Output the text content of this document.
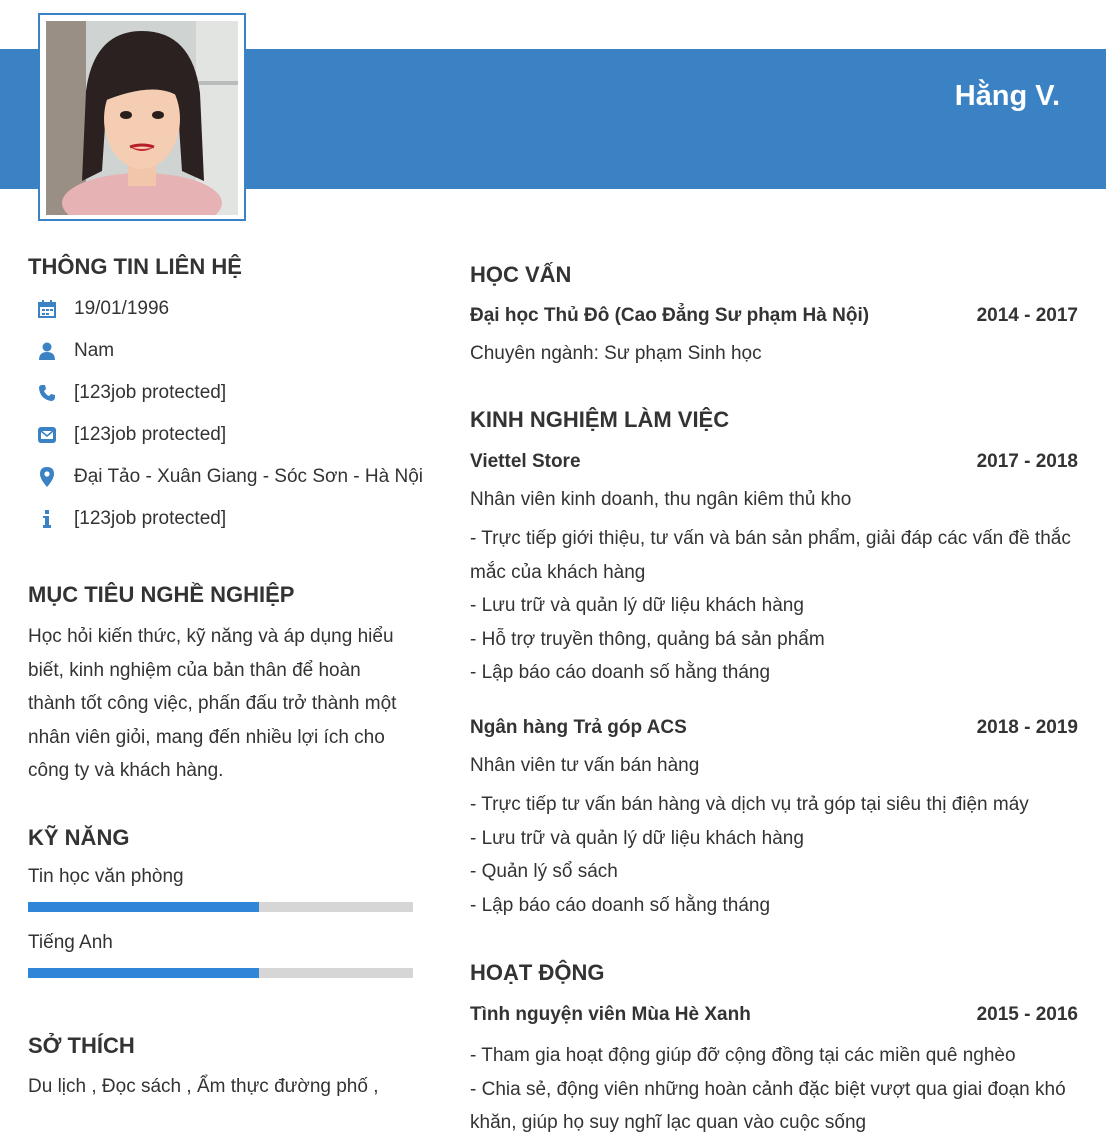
Hằng V.
THÔNG TIN LIÊN HỆ
19/01/1996
Nam
[123job protected]
[123job protected]
Đại Tảo - Xuân Giang - Sóc Sơn - Hà Nội
[123job protected]
MỤC TIÊU NGHỀ NGHIỆP
Học hỏi kiến thức, kỹ năng và áp dụng hiểu biết, kinh nghiệm của bản thân để hoàn thành tốt công việc, phấn đấu trở thành một nhân viên giỏi, mang đến nhiều lợi ích cho công ty và khách hàng.
KỸ NĂNG
Tin học văn phòng
Tiếng Anh
SỞ THÍCH
Du lịch , Đọc sách , Ẩm thực đường phố ,
HỌC VẤN
Đại học Thủ Đô (Cao Đẳng Sư phạm Hà Nội)	2014 - 2017
Chuyên ngành: Sư phạm Sinh học
KINH NGHIỆM LÀM VIỆC
Viettel Store	2017 - 2018
Nhân viên kinh doanh, thu ngân kiêm thủ kho
- Trực tiếp giới thiệu, tư vấn và bán sản phẩm, giải đáp các vấn đề thắc mắc của khách hàng
- Lưu trữ và quản lý dữ liệu khách hàng
- Hỗ trợ truyền thông, quảng bá sản phẩm
- Lập báo cáo doanh số hằng tháng
Ngân hàng Trả góp ACS	2018 - 2019
Nhân viên tư vấn bán hàng
- Trực tiếp tư vấn bán hàng và dịch vụ trả góp tại siêu thị điện máy
- Lưu trữ và quản lý dữ liệu khách hàng
- Quản lý sổ sách
- Lập báo cáo doanh số hằng tháng
HOẠT ĐỘNG
Tình nguyện viên Mùa Hè Xanh	2015 - 2016
- Tham gia hoạt động giúp đỡ cộng đồng tại các miền quê nghèo
- Chia sẻ, động viên những hoàn cảnh đặc biệt vượt qua giai đoạn khó khăn, giúp họ suy nghĩ lạc quan vào cuộc sống
